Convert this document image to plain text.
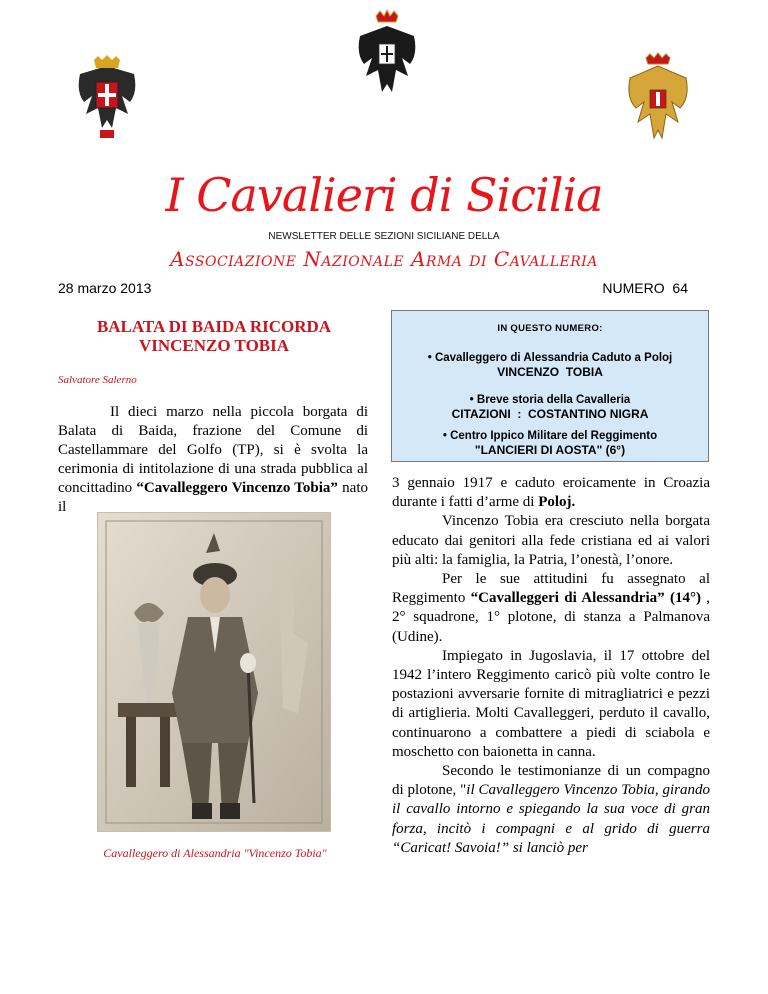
I Cavalieri di Sicilia
NEWSLETTER DELLE SEZIONI SICILIANE DELLA
ASSOCIAZIONE NAZIONALE ARMA DI CAVALLERIA
28 marzo 2013	NUMERO  64
BALATA DI BAIDA RICORDA
VINCENZO TOBIA
Salvatore Salerno

Il dieci marzo nella piccola borgata di Balata di Baida, frazione del Comune di Castellammare del Golfo (TP), si è svolta la cerimonia di intitolazione di una strada pubblica al concittadino “Cavalleggero Vincenzo Tobia” nato il

Cavalleggero di Alessandria "Vincenzo Tobia"
IN QUESTO NUMERO:
• Cavalleggero di Alessandria Caduto a Poloj
VINCENZO  TOBIA
• Breve storia della Cavalleria
CITAZIONI  :  COSTANTINO NIGRA
• Centro Ippico Militare del Reggimento
"LANCIERI DI AOSTA" (6°)

3 gennaio 1917 e caduto eroicamente in Croazia durante i fatti d’arme di Poloj.

Vincenzo Tobia era cresciuto nella borgata educato dai genitori alla fede cristiana ed ai valori più alti: la famiglia, la Patria, l’onestà, l’onore.

Per le sue attitudini fu assegnato al Reggimento “Cavalleggeri di Alessandria” (14°) , 2° squadrone, 1° plotone, di stanza a Palmanova (Udine).

Impiegato in Jugoslavia, il 17 ottobre del 1942 l’intero Reggimento caricò più volte contro le postazioni avversarie fornite di mitragliatrici e pezzi di artiglieria. Molti Cavalleggeri, perduto il cavallo, continuarono a combattere a piedi di sciabola e moschetto con baionetta in canna.

Secondo le testimonianze di un compagno di plotone, "il Cavalleggero Vincenzo Tobia, girando il cavallo intorno e spiegando la sua voce di gran forza, incitò i compagni e al grido di guerra “Caricat! Savoia!” si lanciò per
